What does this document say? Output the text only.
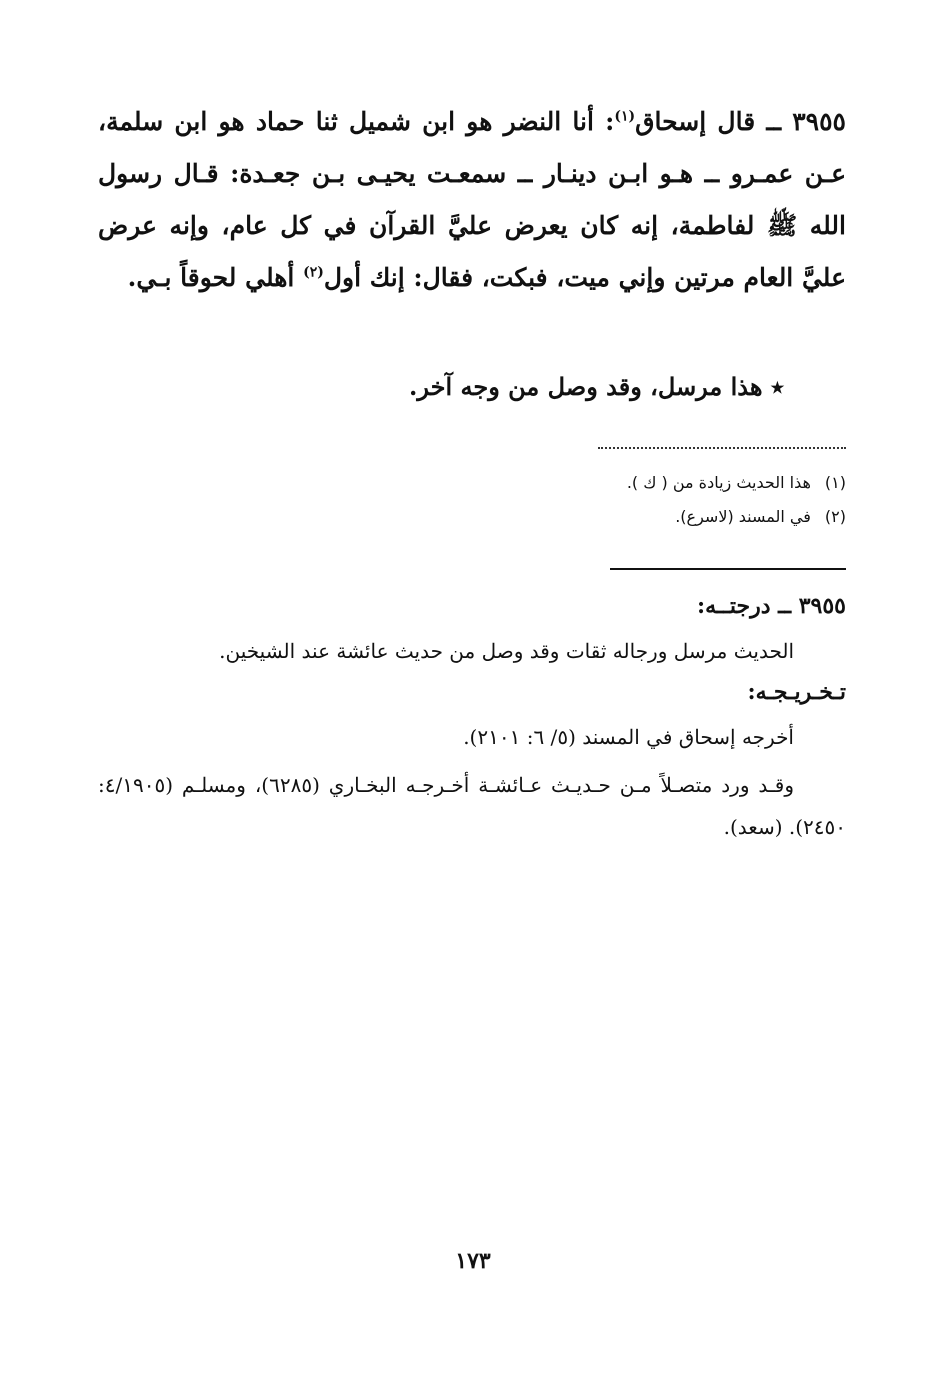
٣٩٥٥ ــ قال إسحاق$^{(١)}$: أنا النضر هو ابن شميل ثنا حماد هو ابن سلمة، عـن عمـرو ــ هـو ابـن دينـار ــ سمعـت يحيـى بـن جعـدة: قـال رسول الله ﷺ لفاطمة، إنه كان يعرض عليَّ القرآن في كل عام، وإنه عرض عليَّ العام مرتين وإني ميت، فبكت، فقال: إنك أول$^{(٢)}$ أهلي لحوقاً بـي.

٭ هذا مرسل، وقد وصل من وجه آخر.

(١)هذا الحديث زيادة من ( ك ).
(٢)في المسند (لاسرع).
٣٩٥٥ ــ درجتــه:

الحديث مرسل ورجاله ثقات وقد وصل من حديث عائشة عند الشيخين.

تـخـريـجـه:

أخرجه إسحاق في المسند (٥/ ٦: ٢١٠١).

وقـد ورد متصـلاً مـن حـديـث عـائشـة أخـرجـه البخـاري (٦٢٨٥)، ومسلـم (٤/١٩٠٥: ٢٤٥٠). (سعد).

١٧٣
